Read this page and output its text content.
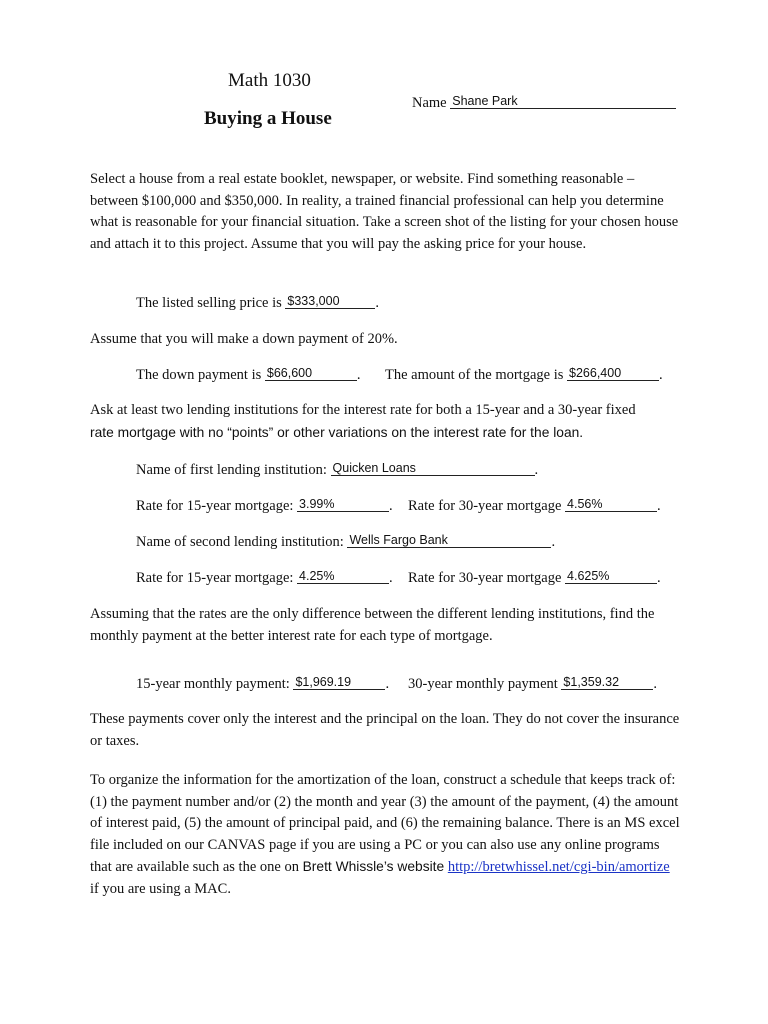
Math 1030
Buying a House
Name Shane Park
Select a house from a real estate booklet, newspaper, or website. Find something reasonable – between $100,000 and $350,000. In reality, a trained financial professional can help you determine what is reasonable for your financial situation. Take a screen shot of the listing for your chosen house and attach it to this project. Assume that you will pay the asking price for your house.
The listed selling price is $333,000 .
Assume that you will make a down payment of 20%.
The down payment is $66,600	. The amount of the mortgage is $266,400	.
Ask at least two lending institutions for the interest rate for both a 15-year and a 30-year fixed
rate mortgage with no “points” or other variations on the interest rate for the loan.
Name of first lending institution: Quicken Loans	.
Rate for 15-year mortgage: 3.99%	. Rate for 30-year mortgage 4.56%	.
Name of second lending institution: Wells Fargo Bank	.
Rate for 15-year mortgage: 4.25%	. Rate for 30-year mortgage 4.625%	.
Assuming that the rates are the only difference between the different lending institutions, find the monthly payment at the better interest rate for each type of mortgage.
15-year monthly payment: $1,969.19 . 30-year monthly payment $1,359.32 .
These payments cover only the interest and the principal on the loan. They do not cover the insurance or taxes.
To organize the information for the amortization of the loan, construct a schedule that keeps track of: (1) the payment number and/or (2) the month and year (3) the amount of the payment, (4) the amount of interest paid, (5) the amount of principal paid, and (6) the remaining balance. There is an MS excel file included on our CANVAS page if you are using a PC or you can also use any online programs that are available such as the one on Brett Whissle’s website http://bretwhissel.net/cgi-bin/amortize if you are using a MAC.
